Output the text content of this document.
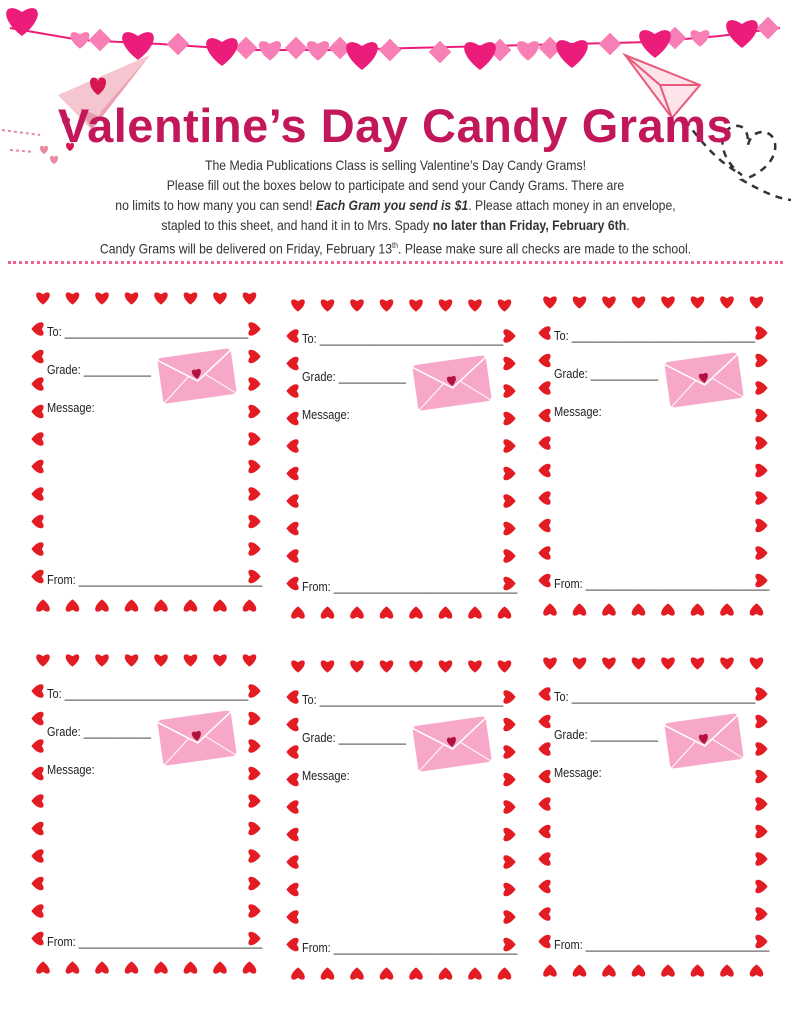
Valentine’s Day Candy Grams

The Media Publications Class is selling Valentine’s Day Candy Grams!

Please fill out the boxes below to participate and send your Candy Grams. There are

no limits to how many you can send! Each Gram you send is $1. Please attach money in an envelope,

stapled to this sheet, and hand it in to Mrs. Spady no later than Friday, February 6th.

Candy Grams will be delivered on Friday, February 13th. Please make sure all checks are made to the school.

To: ______________________________
Grade: ___________
Message:
From: ______________________________
To: ______________________________
Grade: ___________
Message:
From: ______________________________
To: ______________________________
Grade: ___________
Message:
From: ______________________________
To: ______________________________
Grade: ___________
Message:
From: ______________________________
To: ______________________________
Grade: ___________
Message:
From: ______________________________
To: ______________________________
Grade: ___________
Message:
From: ______________________________
